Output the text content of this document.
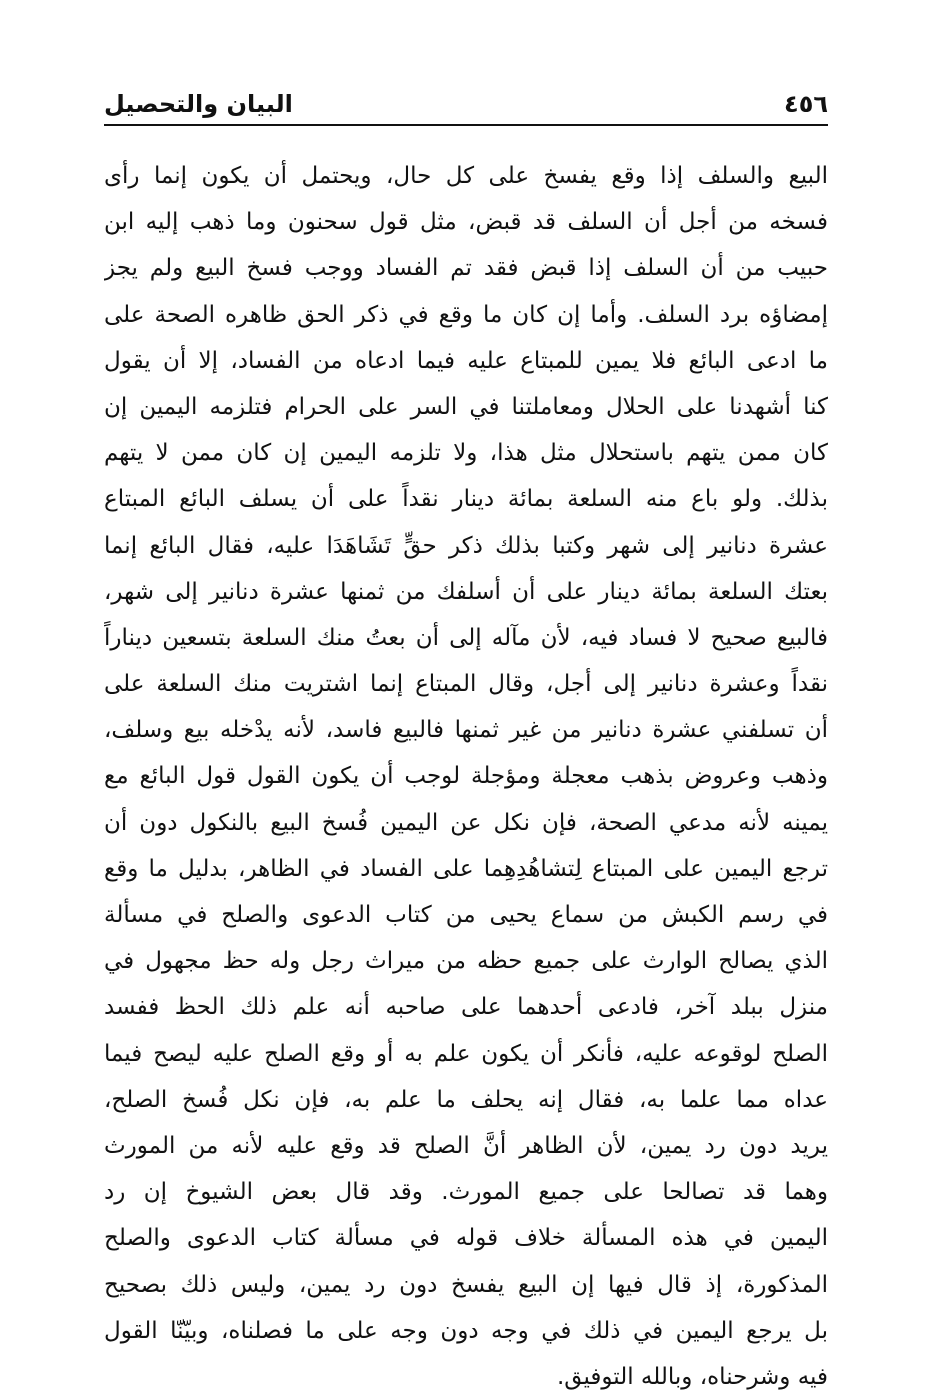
٤٥٦
البيان والتحصيل
البيع والسلف إذا وقع يفسخ على كل حال، ويحتمل أن يكون إنما رأى
فسخه من أجل أن السلف قد قبض، مثل قول سحنون وما ذهب إليه ابن
حبيب من أن السلف إذا قبض فقد تم الفساد ووجب فسخ البيع ولم يجز
إمضاؤه برد السلف. وأما إن كان ما وقع في ذكر الحق ظاهره الصحة على
ما ادعى البائع فلا يمين للمبتاع عليه فيما ادعاه من الفساد، إلا أن يقول
كنا أشهدنا على الحلال ومعاملتنا في السر على الحرام فتلزمه اليمين إن
كان ممن يتهم باستحلال مثل هذا، ولا تلزمه اليمين إن كان ممن لا يتهم
بذلك. ولو باع منه السلعة بمائة دينار نقداً على أن يسلف البائع المبتاع
عشرة دنانير إلى شهر وكتبا بذلك ذكر حقٍّ تَشَاهَدَا عليه، فقال البائع إنما
بعتك السلعة بمائة دينار على أن أسلفك من ثمنها عشرة دنانير إلى شهر،
فالبيع صحيح لا فساد فيه، لأن مآله إلى أن بعتُ منك السلعة بتسعين ديناراً
نقداً وعشرة دنانير إلى أجل، وقال المبتاع إنما اشتريت منك السلعة على
أن تسلفني عشرة دنانير من غير ثمنها فالبيع فاسد، لأنه يدْخله بيع وسلف،
وذهب وعروض بذهب معجلة ومؤجلة لوجب أن يكون القول قول البائع مع
يمينه لأنه مدعي الصحة، فإن نكل عن اليمين فُسخ البيع بالنكول دون أن
ترجع اليمين على المبتاع لِتشاهُدِهِما على الفساد في الظاهر، بدليل ما وقع
في رسم الكبش من سماع يحيى من كتاب الدعوى والصلح في مسألة
الذي يصالح الوارث على جميع حظه من ميراث رجل وله حظ مجهول في
منزل ببلد آخر، فادعى أحدهما على صاحبه أنه علم ذلك الحظ ففسد
الصلح لوقوعه عليه، فأنكر أن يكون علم به أو وقع الصلح عليه ليصح فيما
عداه مما علما به، فقال إنه يحلف ما علم به، فإن نكل فُسخ الصلح،
يريد دون رد يمين، لأن الظاهر أنَّ الصلح قد وقع عليه لأنه من المورث
وهما قد تصالحا على جميع المورث. وقد قال بعض الشيوخ إن رد
اليمين في هذه المسألة خلاف قوله في مسألة كتاب الدعوى والصلح
المذكورة، إذ قال فيها إن البيع يفسخ دون رد يمين، وليس ذلك بصحيح
بل يرجع اليمين في ذلك في وجه دون وجه على ما فصلناه، وبيّنّا القول
فيه وشرحناه، وبالله التوفيق.
